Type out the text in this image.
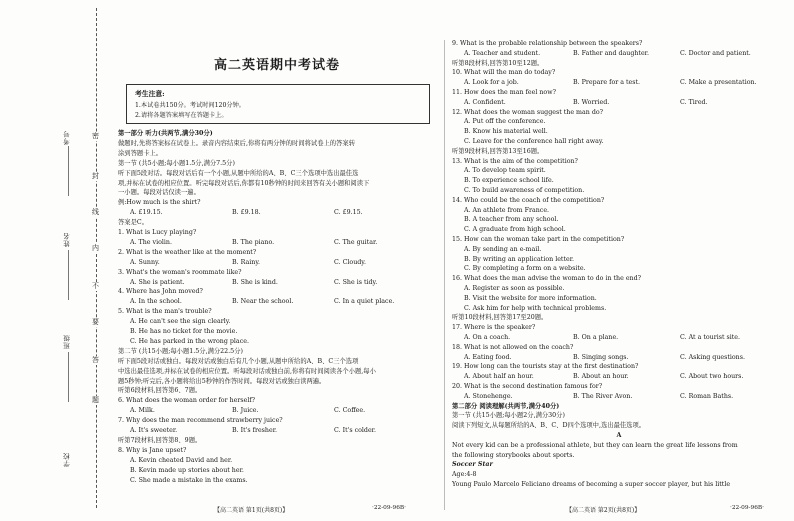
密
封
线
内
不
要
答
题
考号
姓名
班级
学校
高二英语期中考试卷
考生注意:
1.本试卷共150分。考试时间120分钟。
2.请将各题答案填写在答题卡上。
第一部分 听力(共两节,满分30分)
做题时,先将答案标在试卷上。录音内容结束后,你将有两分钟的时间将试卷上的答案转
涂到答题卡上。
第一节 (共5小题;每小题1.5分,满分7.5分)
听下面5段对话。每段对话后有一个小题,从题中所给的A、B、C三个选项中选出最佳选
项,并标在试卷的相应位置。听完每段对话后,你都有10秒钟的时间来回答有关小题和阅读下
一小题。每段对话仅读一遍。
例:How much is the shirt?
A. £19.15.	B. £9.18.	C. £9.15.
答案是C。
1. What is Lucy playing?
A. The violin.	B. The piano.	C. The guitar.
2. What is the weather like at the moment?
A. Sunny.	B. Rainy.	C. Cloudy.
3. What's the woman's roommate like?
A. She is patient.	B. She is kind.	C. She is tidy.
4. Where has John moved?
A. In the school.	B. Near the school.	C. In a quiet place.
5. What is the man's trouble?
A. He can't see the sign clearly.
B. He has no ticket for the movie.
C. He has parked in the wrong place.
第二节 (共15小题;每小题1.5分,满分22.5分)
听下面5段对话或独白。每段对话或独白后有几个小题,从题中所给的A、B、C三个选项
中选出最佳选项,并标在试卷的相应位置。听每段对话或独白前,你将有时间阅读各个小题,每小
题5秒钟;听完后,各小题将给出5秒钟的作答时间。每段对话或独白读两遍。
听第6段材料,回答第6、7题。
6. What does the woman order for herself?
A. Milk.	B. Juice.	C. Coffee.
7. Why does the man recommend strawberry juice?
A. It's sweeter.	B. It's fresher.	C. It's colder.
听第7段材料,回答第8、9题。
8. Why is Jane upset?
A. Kevin cheated David and her.
B. Kevin made up stories about her.
C. She made a mistake in the exams.
9. What is the probable relationship between the speakers?
A. Teacher and student.	B. Father and daughter.	C. Doctor and patient.
听第8段材料,回答第10至12题。
10. What will the man do today?
A. Look for a job.	B. Prepare for a test.	C. Make a presentation.
11. How does the man feel now?
A. Confident.	B. Worried.	C. Tired.
12. What does the woman suggest the man do?
A. Put off the conference.
B. Know his material well.
C. Leave for the conference hall right away.
听第9段材料,回答第13至16题。
13. What is the aim of the competition?
A. To develop team spirit.
B. To experience school life.
C. To build awareness of competition.
14. Who could be the coach of the competition?
A. An athlete from France.
B. A teacher from any school.
C. A graduate from high school.
15. How can the woman take part in the competition?
A. By sending an e-mail.
B. By writing an application letter.
C. By completing a form on a website.
16. What does the man advise the woman to do in the end?
A. Register as soon as possible.
B. Visit the website for more information.
C. Ask him for help with technical problems.
听第10段材料,回答第17至20题。
17. Where is the speaker?
A. On a coach.	B. On a plane.	C. At a tourist site.
18. What is not allowed on the coach?
A. Eating food.	B. Singing songs.	C. Asking questions.
19. How long can the tourists stay at the first destination?
A. About half an hour.	B. About an hour.	C. About two hours.
20. What is the second destination famous for?
A. Stonehenge.	B. The River Avon.	C. Roman Baths.
第二部分 阅读理解(共两节,满分40分)
第一节 (共15小题;每小题2分,满分30分)
阅读下列短文,从每题所给的A、B、C、D四个选项中,选出最佳选项。
A
Not every kid can be a professional athlete, but they can learn the great life lessons from
the following storybooks about sports.
Soccer Star
Age:4-8
Young Paulo Marcelo Feliciano dreams of becoming a super soccer player, but his little
【高二英语 第1页(共8页)】	·22-09-96B·	【高二英语 第2页(共8页)】	·22-09-96B·
